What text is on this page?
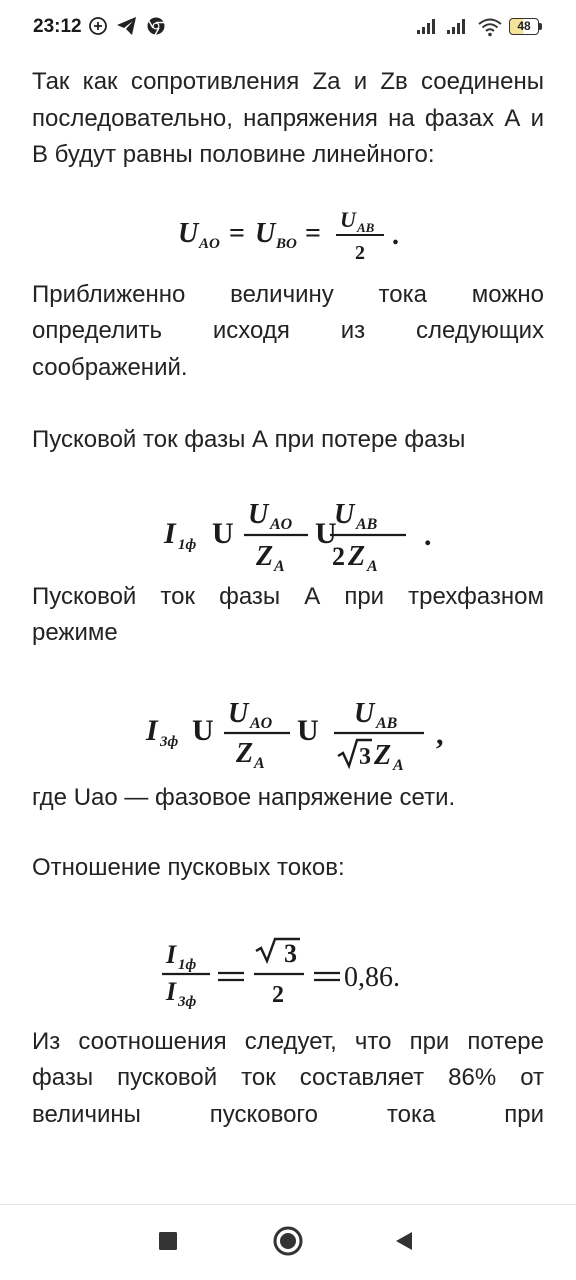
23:12	48

Так как сопротивления Za и Zв соединены последовательно, напряжения на фазах А и В будут равны половине линейного:

U AO = U BO = U AB
2
.

Приближенно величину тока можно определить исходя из следующих соображений.

Пусковой ток фазы А при потере фазы

I 1ф U
U AO
Z A
U
U AB
2 Z A
.

Пусковой ток фазы А при трехфазном режиме

I 3ф U
U AO
Z A
U
U AB
3 Z A
,

где Uao — фазовое напряжение сети.

Отношение пусковых токов:

I 1ф
I 3ф
3
2
0,86.

Из соотношения следует, что при потере фазы пусковой ток составляет 86% от величины пускового тока при
